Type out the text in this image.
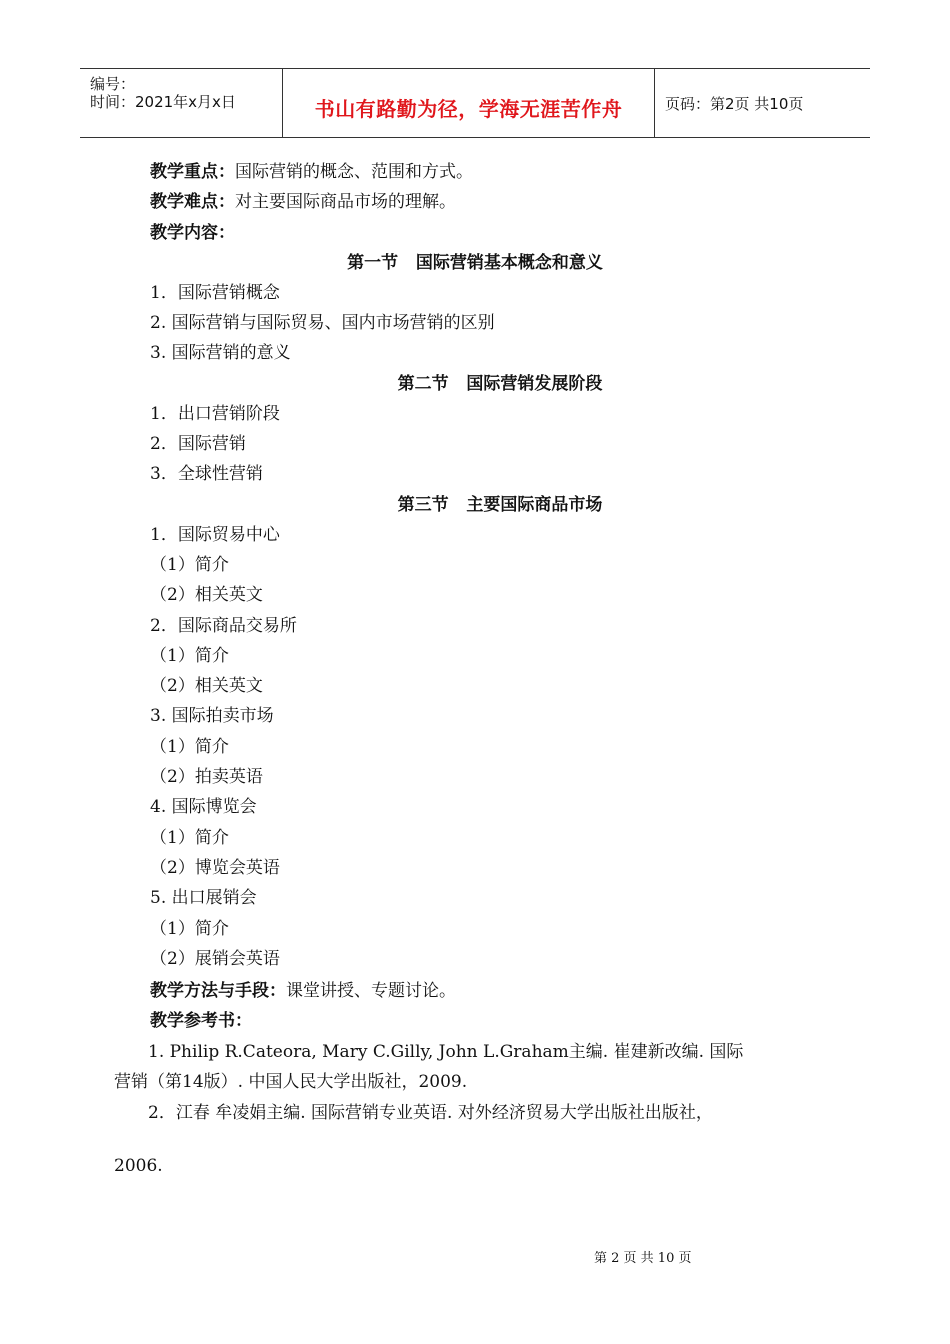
编号：
时间：2021年x月x日	书山有路勤为径，学海无涯苦作舟	页码：第2页 共10页
教学重点：国际营销的概念、范围和方式。
教学难点：对主要国际商品市场的理解。
教学内容：
第一节   国际营销基本概念和意义
1．国际营销概念
2. 国际营销与国际贸易、国内市场营销的区别
3. 国际营销的意义
第二节   国际营销发展阶段
1．出口营销阶段
2．国际营销
3．全球性营销
第三节   主要国际商品市场
1．国际贸易中心
（1）简介
（2）相关英文
2．国际商品交易所
（1）简介
（2）相关英文
3. 国际拍卖市场
（1）简介
（2）拍卖英语
4. 国际博览会
（1）简介
（2）博览会英语
5. 出口展销会
（1）简介
（2）展销会英语
教学方法与手段：课堂讲授、专题讨论。
教学参考书：
1. Philip R.Cateora, Mary C.Gilly, John L.Graham主编. 崔建新改编. 国际
营销（第14版）. 中国人民大学出版社，2009.
2．江春 牟凌娟主编. 国际营销专业英语. 对外经济贸易大学出版社出版社，
2006.
第 2 页 共 10 页
